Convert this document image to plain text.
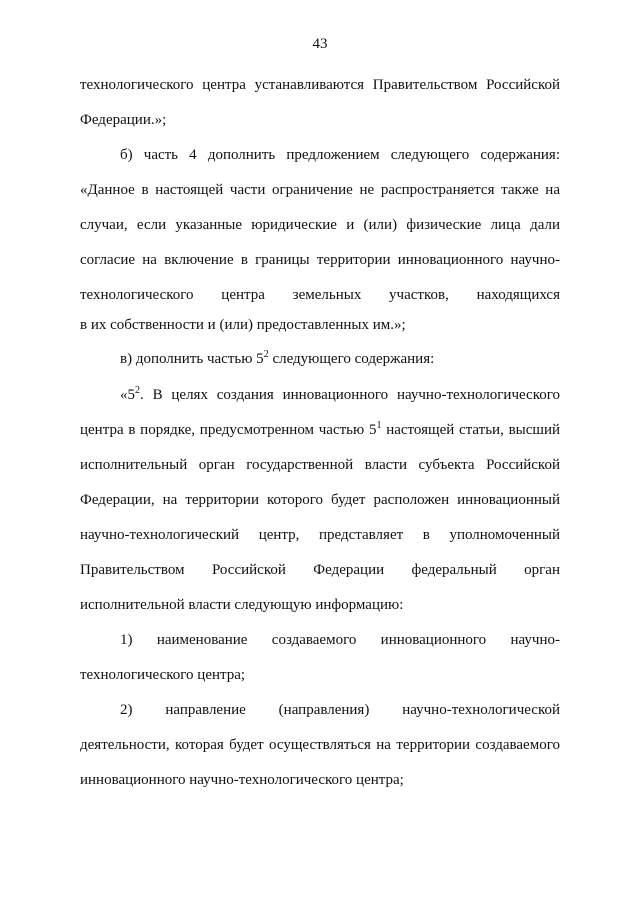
43
технологического центра устанавливаются Правительством Российской
Федерации.»;
б) часть 4 дополнить предложением следующего содержания:
«Данное в настоящей части ограничение не распространяется также на
случаи, если указанные юридические и (или) физические лица дали
согласие на включение в границы территории инновационного научно-
технологического центра земельных участков, находящихся
в их собственности и (или) предоставленных им.»;
в) дополнить частью $5^2$ следующего содержания:
«$5^2$. В целях создания инновационного научно-технологического
центра в порядке, предусмотренном частью $5^1$ настоящей статьи, высший
исполнительный орган государственной власти субъекта Российской
Федерации, на территории которого будет расположен инновационный
научно-технологический центр, представляет в уполномоченный
Правительством Российской Федерации федеральный орган
исполнительной власти следующую информацию:
1) наименование создаваемого инновационного научно-
технологического центра;
2) направление (направления) научно-технологической
деятельности, которая будет осуществляться на территории создаваемого
инновационного научно-технологического центра;
